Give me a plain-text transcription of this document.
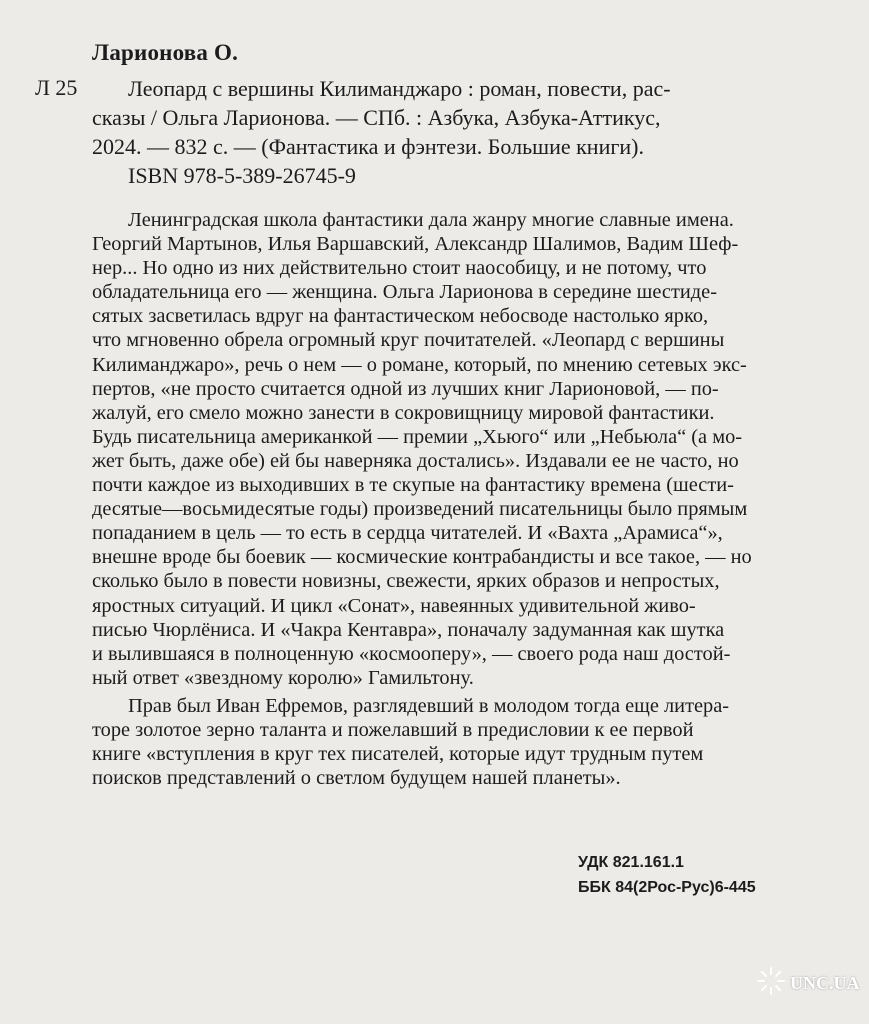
Ларионова О.
Л 25	Леопард с вершины Килиманджаро : роман, повести, рас-
сказы / Ольга Ларионова. — СПб. : Азбука, Азбука-Аттикус,
2024. — 832 с. — (Фантастика и фэнтези. Большие книги).
ISBN 978-5-389-26745-9
Ленинградская школа фантастики дала жанру многие славные имена.
Георгий Мартынов, Илья Варшавский, Александр Шалимов, Вадим Шеф-
нер... Но одно из них действительно стоит наособицу, и не потому, что
обладательница его — женщина. Ольга Ларионова в середине шестиде-
сятых засветилась вдруг на фантастическом небосводе настолько ярко,
что мгновенно обрела огромный круг почитателей. «Леопард с вершины
Килиманджаро», речь о нем — о романе, который, по мнению сетевых экс-
пертов, «не просто считается одной из лучших книг Ларионовой, — по-
жалуй, его смело можно занести в сокровищницу мировой фантастики.
Будь писательница американкой — премии „Хьюго“ или „Небьюла“ (а мо-
жет быть, даже обе) ей бы наверняка достались». Издавали ее не часто, но
почти каждое из выходивших в те скупые на фантастику времена (шести-
десятые—восьмидесятые годы) произведений писательницы было прямым
попаданием в цель — то есть в сердца читателей. И «Вахта „Арамиса“»,
внешне вроде бы боевик — космические контрабандисты и все такое, — но
сколько было в повести новизны, свежести, ярких образов и непростых,
яростных ситуаций. И цикл «Сонат», навеянных удивительной живо-
писью Чюрлёниса. И «Чакра Кентавра», поначалу задуманная как шутка
и вылившаяся в полноценную «космооперу», — своего рода наш достой-
ный ответ «звездному королю» Гамильтону.
Прав был Иван Ефремов, разглядевший в молодом тогда еще литера-
торе золотое зерно таланта и пожелавший в предисловии к ее первой
книге «вступления в круг тех писателей, которые идут трудным путем
поисков представлений о светлом будущем нашей планеты».
УДК 821.161.1
ББК 84(2Рос-Рус)6-445
UNC.UA
